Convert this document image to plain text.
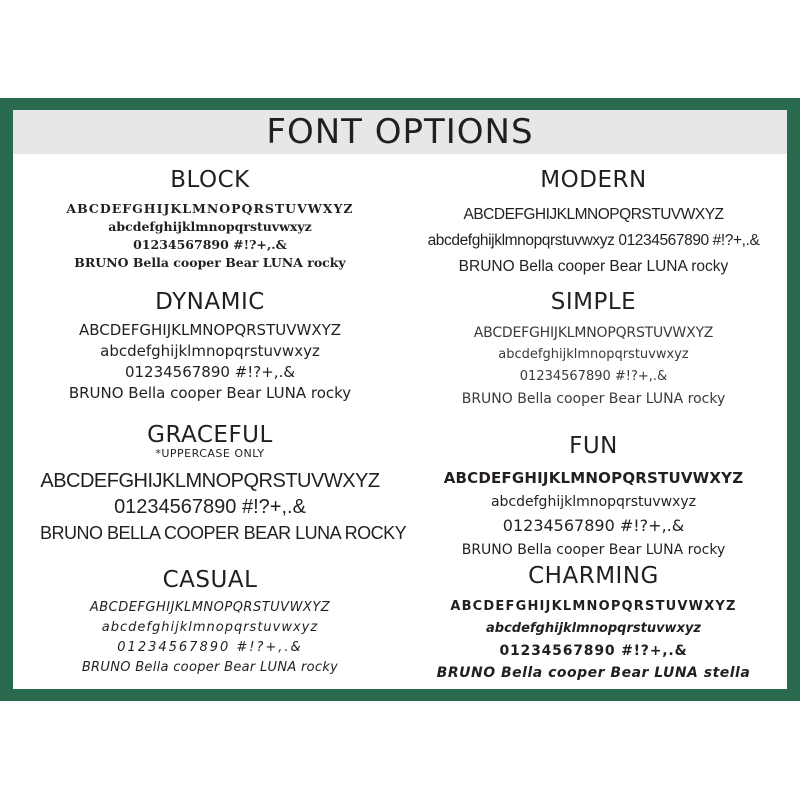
FONT OPTIONS
BLOCK
ABCDEFGHIJKLMNOPQRSTUVWXYZ
abcdefghijklmnopqrstuvwxyz
01234567890 #!?+,.&
BRUNO Bella cooper Bear LUNA rocky
DYNAMIC
ABCDEFGHIJKLMNOPQRSTUVWXYZ
abcdefghijklmnopqrstuvwxyz
01234567890 #!?+,.&
BRUNO Bella cooper Bear LUNA rocky
GRACEFUL
*UPPERCASE ONLY
ABCDEFGHIJKLMNOPQRSTUVWXYZ
01234567890 #!?+,.&
BRUNO BELLA COOPER BEAR LUNA ROCKY
CASUAL
ABCDEFGHIJKLMNOPQRSTUVWXYZ
abcdefghijklmnopqrstuvwxyz
01234567890 #!?+,.&
BRUNO Bella cooper Bear LUNA rocky
MODERN
ABCDEFGHIJKLMNOPQRSTUVWXYZ
abcdefghijklmnopqrstuvwxyz 01234567890 #!?+,.&
BRUNO Bella cooper Bear LUNA rocky
SIMPLE
ABCDEFGHIJKLMNOPQRSTUVWXYZ
abcdefghijklmnopqrstuvwxyz
01234567890 #!?+,.&
BRUNO Bella cooper Bear LUNA rocky
FUN
ABCDEFGHIJKLMNOPQRSTUVWXYZ
abcdefghijklmnopqrstuvwxyz
01234567890 #!?+,.&
BRUNO Bella cooper Bear LUNA rocky
CHARMING
ABCDEFGHIJKLMNOPQRSTUVWXYZ
abcdefghijklmnopqrstuvwxyz
01234567890 #!?+,.&
BRUNO Bella cooper Bear LUNA stella
